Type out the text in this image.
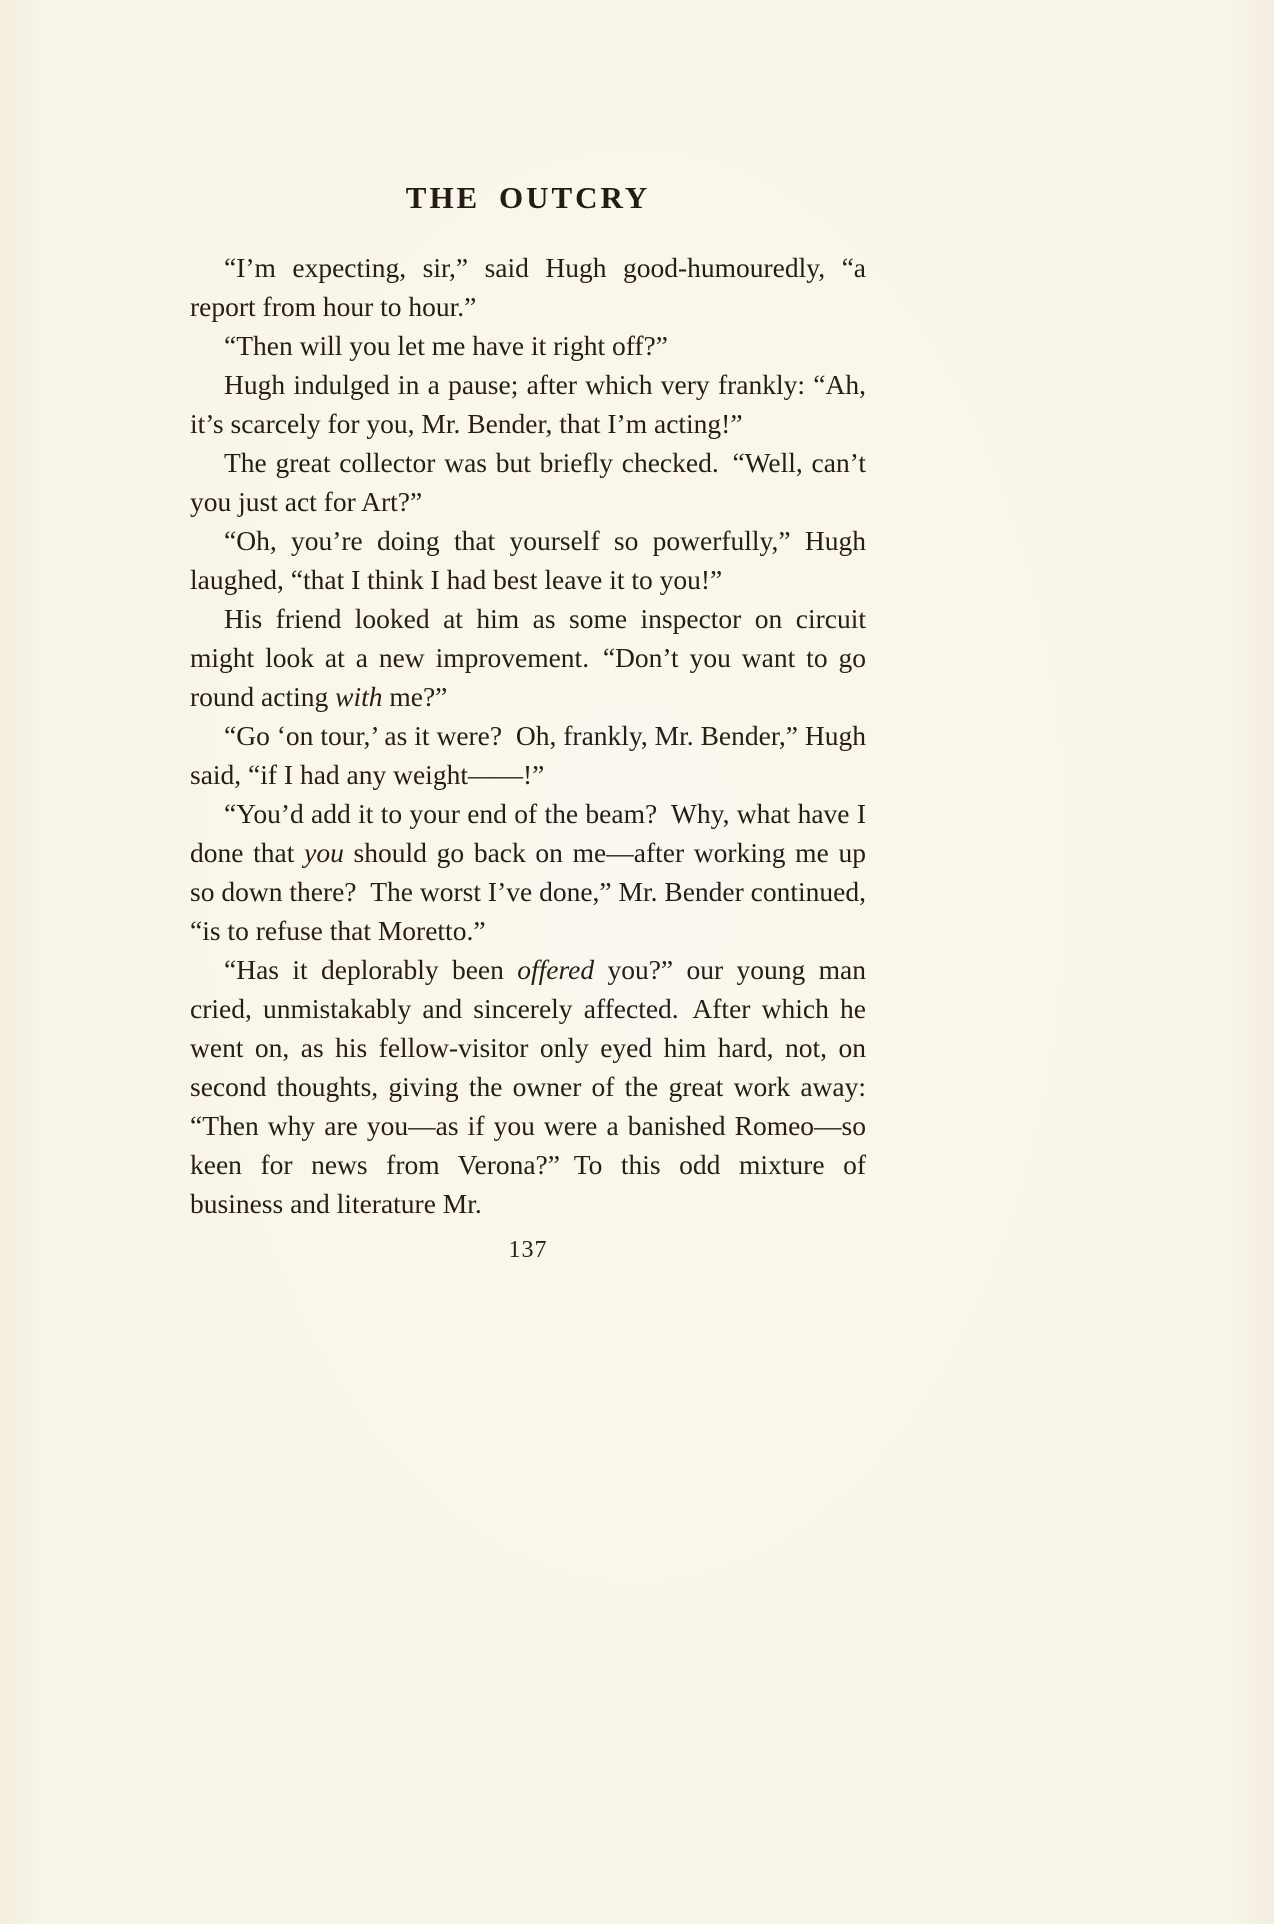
THE OUTCRY

“I’m expecting, sir,” said Hugh good-humouredly, “a report from hour to hour.”

“Then will you let me have it right off?”

Hugh indulged in a pause; after which very frankly: “Ah, it’s scarcely for you, Mr. Bender, that I’m acting!”

The great collector was but briefly checked. “Well, can’t you just act for Art?”

“Oh, you’re doing that yourself so powerfully,” Hugh laughed, “that I think I had best leave it to you!”

His friend looked at him as some inspector on circuit might look at a new improvement. “Don’t you want to go round acting with me?”

“Go ‘on tour,’ as it were? Oh, frankly, Mr. Bender,” Hugh said, “if I had any weight——!”

“You’d add it to your end of the beam? Why, what have I done that you should go back on me—after working me up so down there? The worst I’ve done,” Mr. Bender continued, “is to refuse that Moretto.”

“Has it deplorably been offered you?” our young man cried, unmistakably and sincerely affected. After which he went on, as his fellow-visitor only eyed him hard, not, on second thoughts, giving the owner of the great work away: “Then why are you—as if you were a banished Romeo—so keen for news from Verona?” To this odd mixture of business and literature Mr.

137
